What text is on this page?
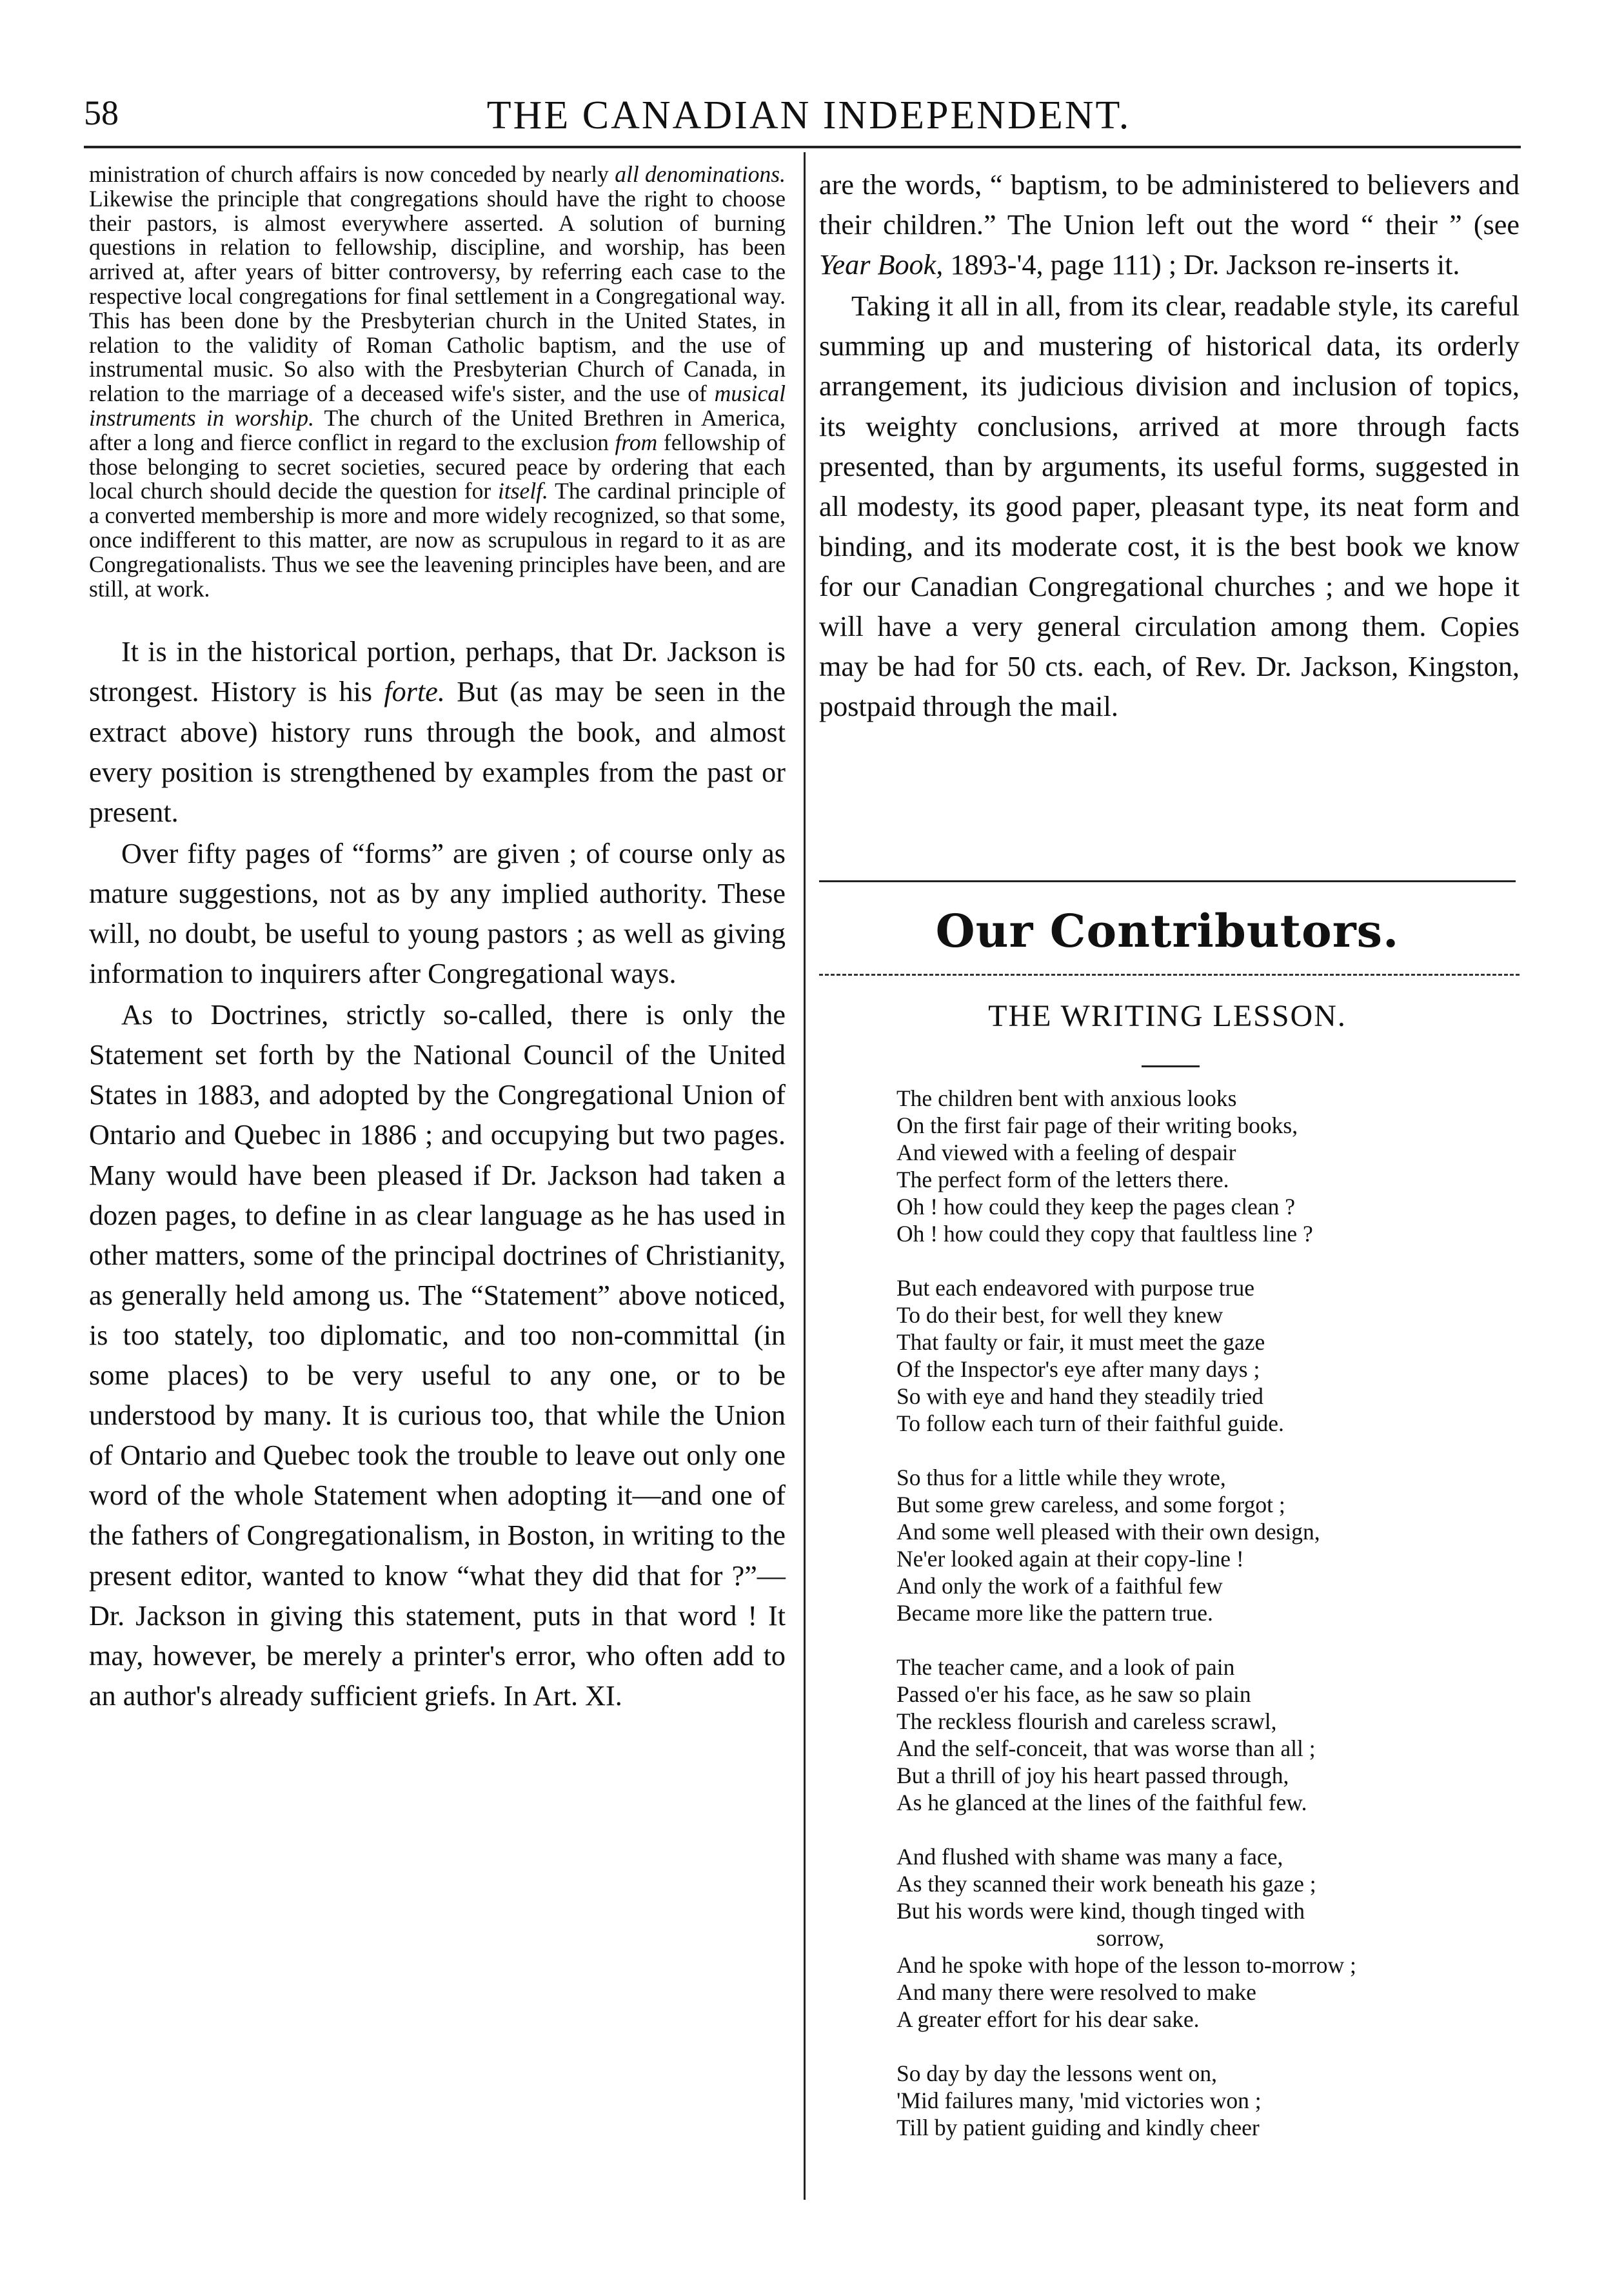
58	THE CANADIAN INDEPENDENT.

ministration of church affairs is now conceded by nearly all denominations. Likewise the principle that congregations should have the right to choose their pastors, is almost everywhere asserted. A solution of burning questions in relation to fellowship, discipline, and worship, has been arrived at, after years of bitter controversy, by referring each case to the respective local congregations for final settlement in a Congregational way. This has been done by the Presbyterian church in the United States, in relation to the validity of Roman Catholic baptism, and the use of instrumental music. So also with the Presbyterian Church of Canada, in relation to the marriage of a deceased wife's sister, and the use of musical instruments in worship. The church of the United Brethren in America, after a long and fierce conflict in regard to the exclusion from fellowship of those belonging to secret societies, secured peace by ordering that each local church should decide the question for itself. The cardinal principle of a converted membership is more and more widely recognized, so that some, once indifferent to this matter, are now as scrupulous in regard to it as are Congregationalists. Thus we see the leavening principles have been, and are still, at work.

It is in the historical portion, perhaps, that Dr. Jackson is strongest. History is his forte. But (as may be seen in the extract above) history runs through the book, and almost every position is strengthened by examples from the past or present.

Over fifty pages of “forms” are given ; of course only as mature suggestions, not as by any implied authority. These will, no doubt, be useful to young pastors ; as well as giving information to inquirers after Congregational ways.

As to Doctrines, strictly so-called, there is only the Statement set forth by the National Council of the United States in 1883, and adopted by the Congregational Union of Ontario and Quebec in 1886 ; and occupying but two pages. Many would have been pleased if Dr. Jackson had taken a dozen pages, to define in as clear language as he has used in other matters, some of the principal doctrines of Christianity, as generally held among us. The “Statement” above noticed, is too stately, too diplomatic, and too non-committal (in some places) to be very useful to any one, or to be understood by many. It is curious too, that while the Union of Ontario and Quebec took the trouble to leave out only one word of the whole Statement when adopting it—and one of the fathers of Congregationalism, in Boston, in writing to the present editor, wanted to know “what they did that for ?”—Dr. Jackson in giving this statement, puts in that word ! It may, however, be merely a printer's error, who often add to an author's already sufficient griefs. In Art. XI.

are the words, “ baptism, to be administered to believers and their children.” The Union left out the word “ their ” (see Year Book, 1893-'4, page 111) ; Dr. Jackson re-inserts it.

Taking it all in all, from its clear, readable style, its careful summing up and mustering of historical data, its orderly arrangement, its judicious division and inclusion of topics, its weighty conclusions, arrived at more through facts presented, than by arguments, its useful forms, suggested in all modesty, its good paper, pleasant type, its neat form and binding, and its moderate cost, it is the best book we know for our Canadian Congregational churches ; and we hope it will have a very general circulation among them. Copies may be had for 50 cts. each, of Rev. Dr. Jackson, Kingston, postpaid through the mail.

Our Contributors.
THE WRITING LESSON.
The children bent with anxious looks
On the first fair page of their writing books,
And viewed with a feeling of despair
The perfect form of the letters there.
Oh ! how could they keep the pages clean ?
Oh ! how could they copy that faultless line ?
But each endeavored with purpose true
To do their best, for well they knew
That faulty or fair, it must meet the gaze
Of the Inspector's eye after many days ;
So with eye and hand they steadily tried
To follow each turn of their faithful guide.
So thus for a little while they wrote,
But some grew careless, and some forgot ;
And some well pleased with their own design,
Ne'er looked again at their copy-line !
And only the work of a faithful few
Became more like the pattern true.
The teacher came, and a look of pain
Passed o'er his face, as he saw so plain
The reckless flourish and careless scrawl,
And the self-conceit, that was worse than all ;
But a thrill of joy his heart passed through,
As he glanced at the lines of the faithful few.
And flushed with shame was many a face,
As they scanned their work beneath his gaze ;
But his words were kind, though tinged with
sorrow,
And he spoke with hope of the lesson to-morrow ;
And many there were resolved to make
A greater effort for his dear sake.
So day by day the lessons went on,
'Mid failures many, 'mid victories won ;
Till by patient guiding and kindly cheer
